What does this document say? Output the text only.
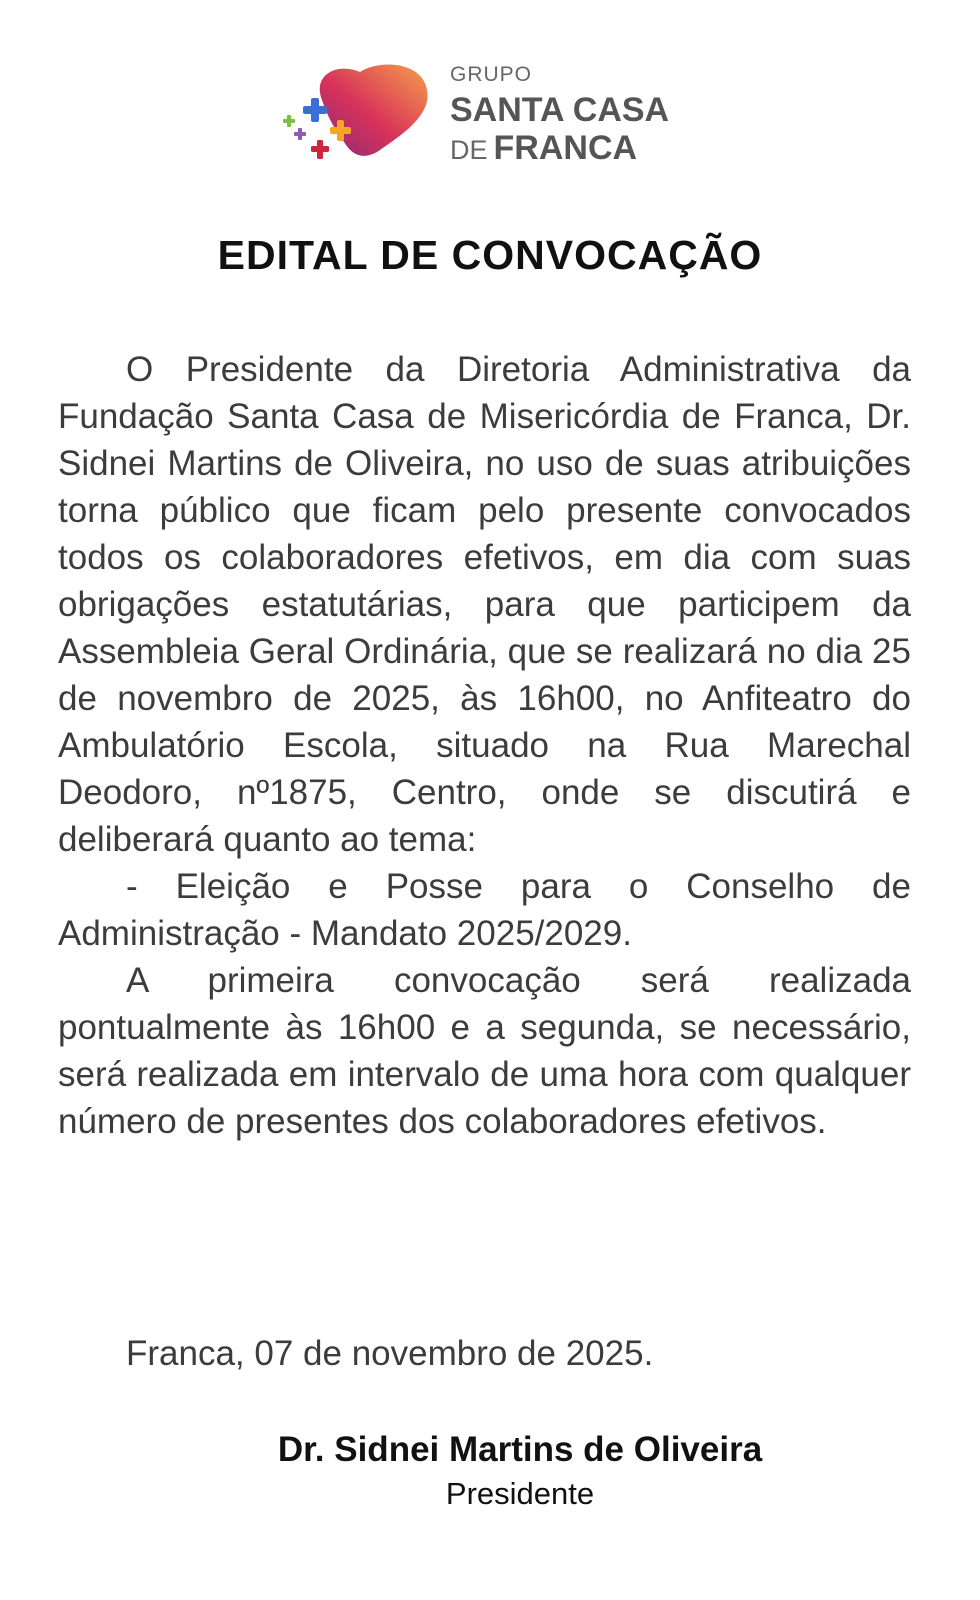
GRUPO
SANTA CASA
DE FRANCA
EDITAL DE CONVOCAÇÃO

O Presidente da Diretoria Administrativa da Fundação Santa Casa de Misericórdia de Franca, Dr. Sidnei Martins de Oliveira, no uso de suas atribuições torna público que ficam pelo presente convocados todos os colaboradores efetivos, em dia com suas obrigações estatutárias, para que participem da Assembleia Geral Ordinária, que se realizará no dia 25 de novembro de 2025, às 16h00, no Anfiteatro do Ambulatório Escola, situado na Rua Marechal Deodoro, nº1875, Centro, onde se discutirá e deliberará quanto ao tema:

- Eleição e Posse para o Conselho de Administração - Mandato 2025/2029.

A primeira convocação será realizada pontualmente às 16h00 e a segunda, se necessário, será realizada em intervalo de uma hora com qualquer número de presentes dos colaboradores efetivos.

Franca, 07 de novembro de 2025.
Dr. Sidnei Martins de Oliveira
Presidente
